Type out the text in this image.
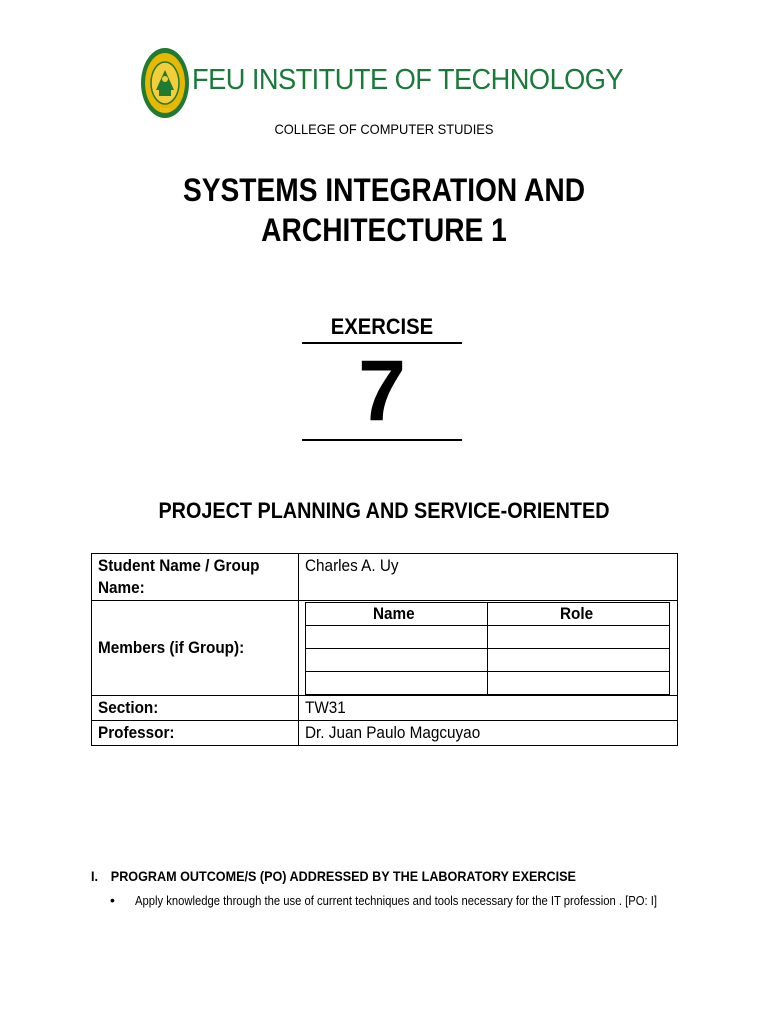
1992
FEU INSTITUTE OF TECHNOLOGY
COLLEGE OF COMPUTER STUDIES
SYSTEMS INTEGRATION AND
ARCHITECTURE 1
EXERCISE
7
PROJECT PLANNING AND SERVICE-ORIENTED
Student Name / Group
Name:	Charles A. Uy
Members (if Group):	
Name	Role

Section:	TW31
Professor:	Dr. Juan Paulo Magcuyao
I. PROGRAM OUTCOME/S (PO) ADDRESSED BY THE LABORATORY EXERCISE
• Apply knowledge through the use of current techniques and tools necessary for the IT profession . [PO: I]
